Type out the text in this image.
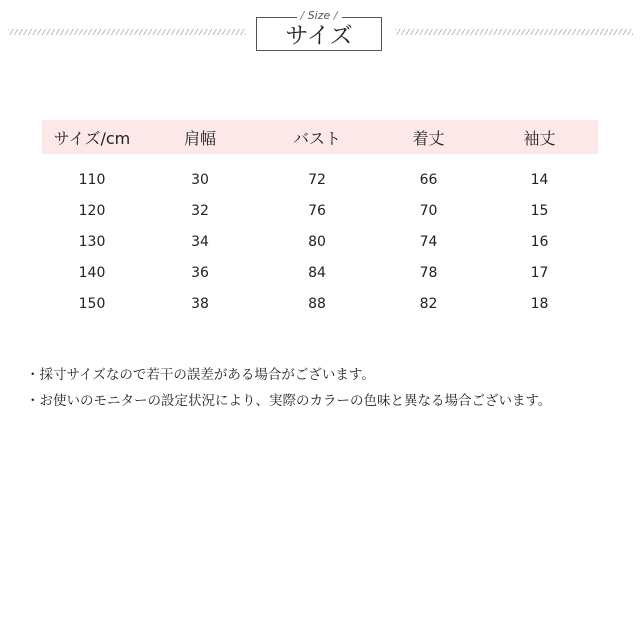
/ Size /
サイズ
サイズ/cm	肩幅	バスト	着丈	袖丈
110	30	72	66	14
120	32	76	70	15
130	34	80	74	16
140	36	84	78	17
150	38	88	82	18
・採寸サイズなので若干の誤差がある場合がございます。
・お使いのモニターの設定状況により、実際のカラーの色味と異なる場合ございます。
